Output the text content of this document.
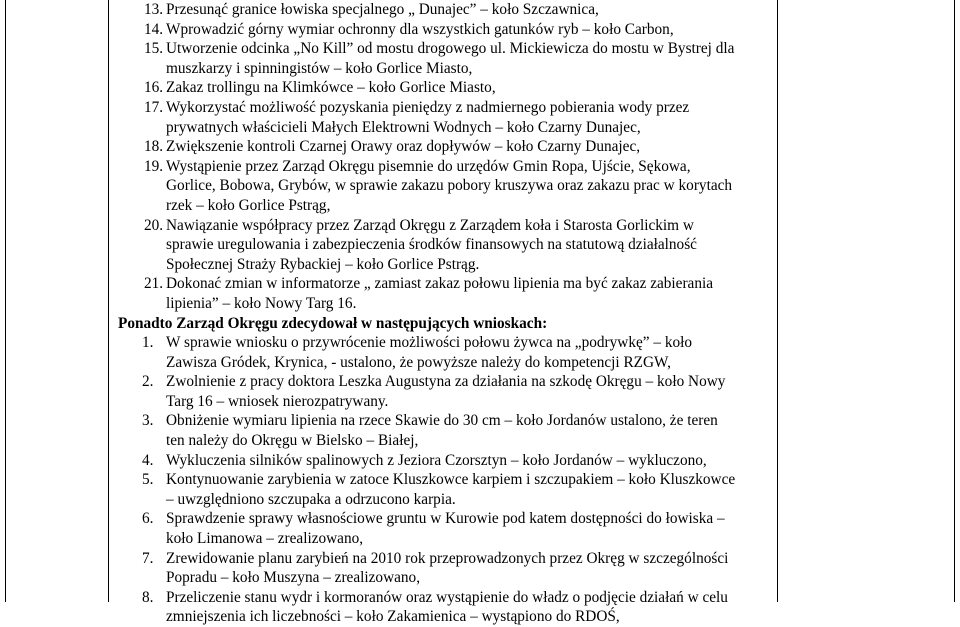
13. Przesunąć granice łowiska specjalnego „ Dunajec” – koło Szczawnica,
14. Wprowadzić górny wymiar ochronny dla wszystkich gatunków ryb – koło Carbon,
15. Utworzenie odcinka „No Kill” od mostu drogowego ul. Mickiewicza do mostu w Bystrej dla
muszkarzy i spinningistów – koło Gorlice Miasto,
16. Zakaz trollingu na Klimkówce – koło Gorlice Miasto,
17. Wykorzystać możliwość pozyskania pieniędzy z nadmiernego pobierania wody przez
prywatnych właścicieli Małych Elektrowni Wodnych – koło Czarny Dunajec,
18. Zwiększenie kontroli Czarnej Orawy oraz dopływów – koło Czarny Dunajec,
19. Wystąpienie przez Zarząd Okręgu pisemnie do urzędów Gmin Ropa, Ujście, Sękowa,
Gorlice, Bobowa, Grybów, w sprawie zakazu pobory kruszywa oraz zakazu prac w korytach
rzek – koło Gorlice Pstrąg,
20. Nawiązanie współpracy przez Zarząd Okręgu z Zarządem koła i Starosta Gorlickim w
sprawie uregulowania i zabezpieczenia środków finansowych na statutową działalność
Społecznej Straży Rybackiej – koło Gorlice Pstrąg.
21. Dokonać zmian w informatorze „ zamiast zakaz połowu lipienia ma być zakaz zabierania
lipienia” – koło Nowy Targ 16.
Ponadto Zarząd Okręgu zdecydował w następujących wnioskach:
1. W sprawie wniosku o przywrócenie możliwości połowu żywca na „podrywkę” – koło
Zawisza Gródek, Krynica, - ustalono, że powyższe należy do kompetencji RZGW,
2. Zwolnienie z pracy doktora Leszka Augustyna za działania na szkodę Okręgu – koło Nowy
Targ 16 – wniosek nierozpatrywany.
3. Obniżenie wymiaru lipienia na rzece Skawie do 30 cm – koło Jordanów ustalono, że teren
ten należy do Okręgu w Bielsko – Białej,
4. Wykluczenia silników spalinowych z Jeziora Czorsztyn – koło Jordanów – wykluczono,
5. Kontynuowanie zarybienia w zatoce Kluszkowce karpiem i szczupakiem – koło Kluszkowce
– uwzględniono szczupaka a odrzucono karpia.
6. Sprawdzenie sprawy własnościowe gruntu w Kurowie pod katem dostępności do łowiska –
koło Limanowa – zrealizowano,
7. Zrewidowanie planu zarybień na 2010 rok przeprowadzonych przez Okręg w szczególności
Popradu – koło Muszyna – zrealizowano,
8. Przeliczenie stanu wydr i kormoranów oraz wystąpienie do władz o podjęcie działań w celu
zmniejszenia ich liczebności – koło Zakamienica – wystąpiono do RDOŚ,
